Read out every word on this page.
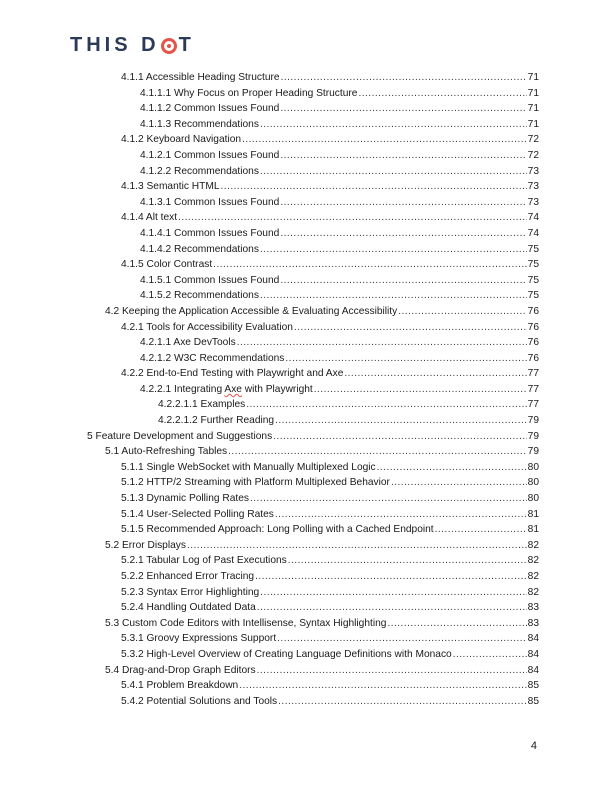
THIS D T
4.1.1 Accessible Heading Structure .....	71
4.1.1.1 Why Focus on Proper Heading Structure .....	71
4.1.1.2 Common Issues Found .....	71
4.1.1.3 Recommendations .....	71
4.1.2 Keyboard Navigation .....	72
4.1.2.1 Common Issues Found .....	72
4.1.2.2 Recommendations .....	73
4.1.3 Semantic HTML .....	73
4.1.3.1 Common Issues Found .....	73
4.1.4 Alt text .....	74
4.1.4.1 Common Issues Found .....	74
4.1.4.2 Recommendations .....	75
4.1.5 Color Contrast .....	75
4.1.5.1 Common Issues Found .....	75
4.1.5.2 Recommendations .....	75
4.2 Keeping the Application Accessible & Evaluating Accessibility .....	76
4.2.1 Tools for Accessibility Evaluation .....	76
4.2.1.1 Axe DevTools .....	76
4.2.1.2 W3C Recommendations .....	76
4.2.2 End-to-End Testing with Playwright and Axe .....	77
4.2.2.1 Integrating Axe with Playwright .....	77
4.2.2.1.1 Examples .....	77
4.2.2.1.2 Further Reading .....	79
5 Feature Development and Suggestions .....	79
5.1 Auto-Refreshing Tables .....	79
5.1.1 Single WebSocket with Manually Multiplexed Logic .....	80
5.1.2 HTTP/2 Streaming with Platform Multiplexed Behavior .....	80
5.1.3 Dynamic Polling Rates .....	80
5.1.4 User-Selected Polling Rates .....	81
5.1.5 Recommended Approach: Long Polling with a Cached Endpoint .....	81
5.2 Error Displays .....	82
5.2.1 Tabular Log of Past Executions .....	82
5.2.2 Enhanced Error Tracing .....	82
5.2.3 Syntax Error Highlighting .....	82
5.2.4 Handling Outdated Data .....	83
5.3 Custom Code Editors with Intellisense, Syntax Highlighting .....	83
5.3.1 Groovy Expressions Support .....	84
5.3.2 High-Level Overview of Creating Language Definitions with Monaco .....	84
5.4 Drag-and-Drop Graph Editors .....	84
5.4.1 Problem Breakdown .....	85
5.4.2 Potential Solutions and Tools .....	85
4
